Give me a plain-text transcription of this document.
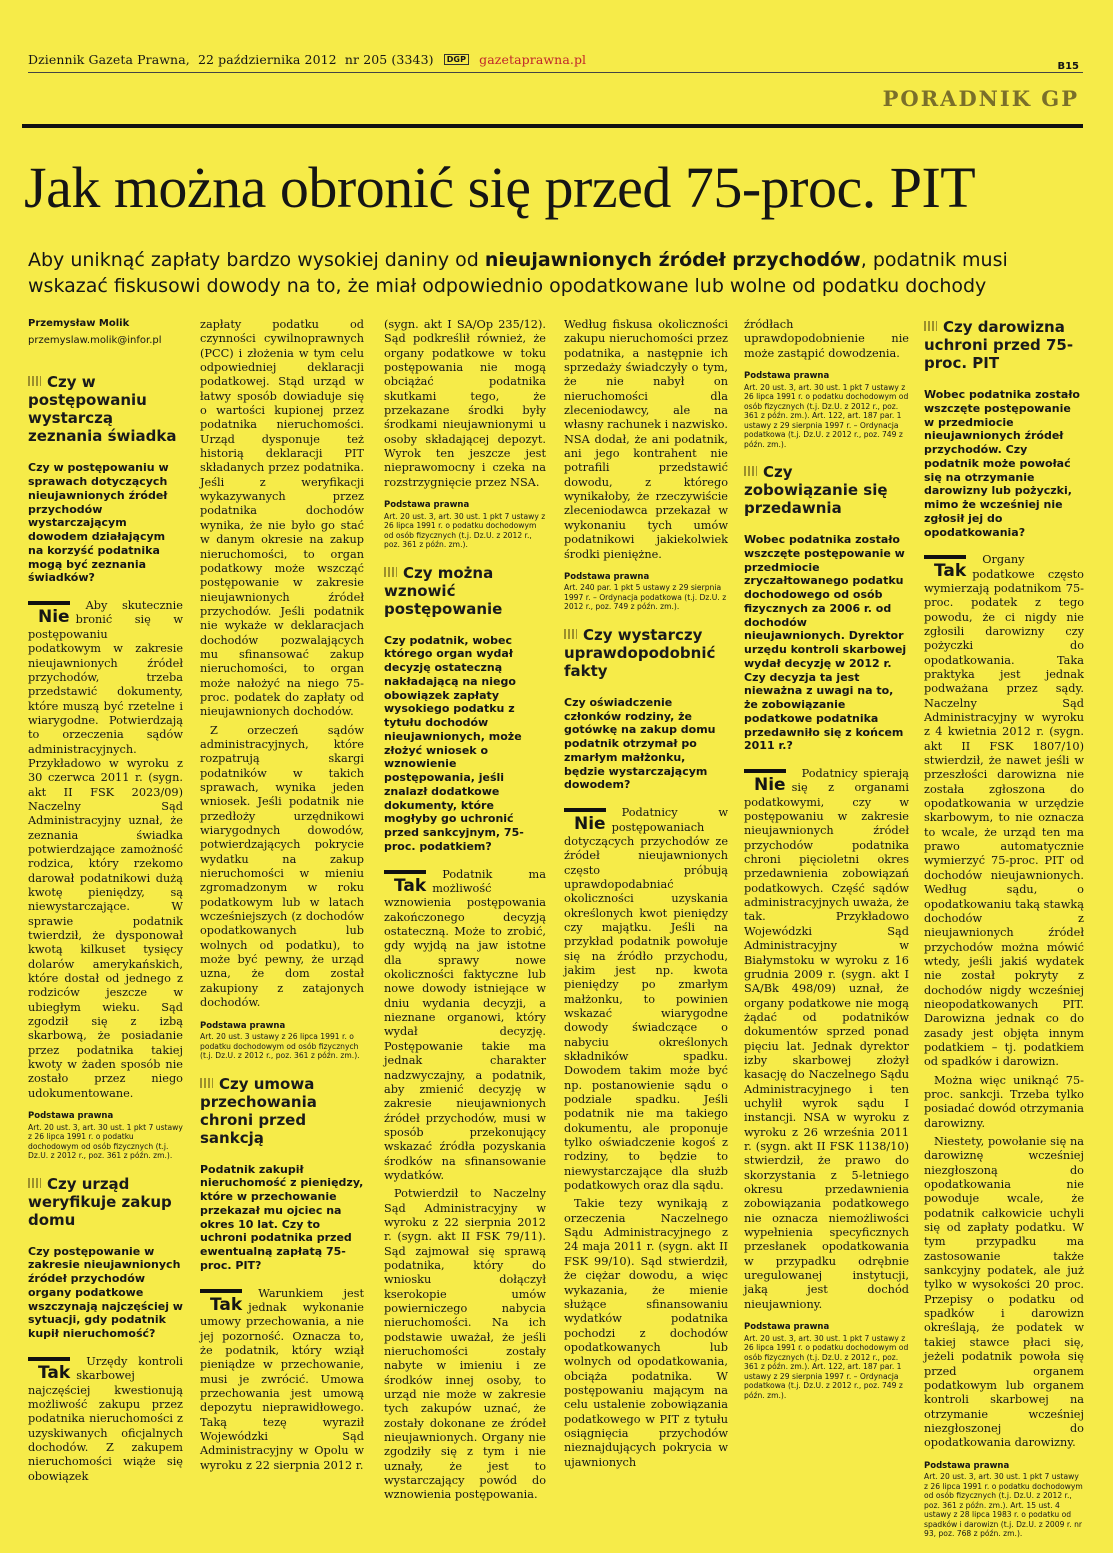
Dziennik Gazeta Prawna, 22 października 2012 nr 205 (3343) DGP gazetaprawna.pl	B15
PORADNIK GP
Jak można obronić się przed 75-proc. PIT
Aby uniknąć zapłaty bardzo wysokiej daniny od nieujawnionych źródeł przychodów, podatnik musi wskazać fiskusowi dowody na to, że miał odpowiednio opodatkowane lub wolne od podatku dochody

Przemysław Molik

przemyslaw.molik@infor.pl

Czy w postępowaniu wystarczą zeznania świadka
Czy w postępowaniu w sprawach dotyczących nieujawnionych źródeł przychodów wystarczającym dowodem działającym na korzyść podatnika mogą być zeznania świadków?

Nie
Aby skutecznie bronić się w postępowaniu podatkowym w zakresie nieujawnionych źródeł przychodów, trzeba przedstawić dokumenty, które muszą być rzetelne i wiarygodne. Potwierdzają to orzeczenia sądów administracyjnych. Przykładowo w wyroku z 30 czerwca 2011 r. (sygn. akt II FSK 2023/09) Naczelny Sąd Administracyjny uznał, że zeznania świadka potwierdzające zamożność rodzica, który rzekomo darował podatnikowi dużą kwotę pieniędzy, są niewystarczające. W sprawie podatnik twierdził, że dysponował kwotą kilkuset tysięcy dolarów amerykańskich, które dostał od jednego z rodziców jeszcze w ubiegłym wieku. Sąd zgodził się z izbą skarbową, że posiadanie przez podatnika takiej kwoty w żaden sposób nie zostało przez niego udokumentowane.

Podstawa prawna
Art. 20 ust. 3, art. 30 ust. 1 pkt 7 ustawy z 26 lipca 1991 r. o podatku dochodowym od osób fizycznych (t.j. Dz.U. z 2012 r., poz. 361 z późn. zm.).
Czy urząd weryfikuje zakup domu
Czy postępowanie w zakresie nieujawnionych źródeł przychodów organy podatkowe wszczynają najczęściej w sytuacji, gdy podatnik kupił nieruchomość?

Tak
Urzędy kontroli skarbowej najczęściej kwestionują możliwość zakupu przez podatnika nieruchomości z uzyskiwanych oficjalnych dochodów. Z zakupem nieruchomości wiąże się obowiązek

zapłaty podatku od czynności cywilnoprawnych (PCC) i złożenia w tym celu odpowiedniej deklaracji podatkowej. Stąd urząd w łatwy sposób dowiaduje się o wartości kupionej przez podatnika nieruchomości. Urząd dysponuje też historią deklaracji PIT składanych przez podatnika. Jeśli z weryfikacji wykazywanych przez podatnika dochodów wynika, że nie było go stać w danym okresie na zakup nieruchomości, to organ podatkowy może wszcząć postępowanie w zakresie nieujawnionych źródeł przychodów. Jeśli podatnik nie wykaże w deklaracjach dochodów pozwalających mu sfinansować zakup nieruchomości, to organ może nałożyć na niego 75-proc. podatek do zapłaty od nieujawnionych dochodów.

Z orzeczeń sądów administracyjnych, które rozpatrują skargi podatników w takich sprawach, wynika jeden wniosek. Jeśli podatnik nie przedłoży urzędnikowi wiarygodnych dowodów, potwierdzających pokrycie wydatku na zakup nieruchomości w mieniu zgromadzonym w roku podatkowym lub w latach wcześniejszych (z dochodów opodatkowanych lub wolnych od podatku), to może być pewny, że urząd uzna, że dom został zakupiony z zatajonych dochodów.

Podstawa prawna
Art. 20 ust. 3 ustawy z 26 lipca 1991 r. o podatku dochodowym od osób fizycznych (t.j. Dz.U. z 2012 r., poz. 361 z późn. zm.).
Czy umowa przechowania chroni przed sankcją
Podatnik zakupił nieruchomość z pieniędzy, które w przechowanie przekazał mu ojciec na okres 10 lat. Czy to uchroni podatnika przed ewentualną zapłatą 75-proc. PIT?

Tak
Warunkiem jest jednak wykonanie umowy przechowania, a nie jej pozorność. Oznacza to, że podatnik, który wziął pieniądze w przechowanie, musi je zwrócić. Umowa przechowania jest umową depozytu nieprawidłowego. Taką tezę wyraził Wojewódzki Sąd Administracyjny w Opolu w wyroku z 22 sierpnia 2012 r.

(sygn. akt I SA/Op 235/12). Sąd podkreślił również, że organy podatkowe w toku postępowania nie mogą obciążać podatnika skutkami tego, że przekazane środki były środkami nieujawnionymi u osoby składającej depozyt. Wyrok ten jeszcze jest nieprawomocny i czeka na rozstrzygnięcie przez NSA.

Podstawa prawna
Art. 20 ust. 3, art. 30 ust. 1 pkt 7 ustawy z 26 lipca 1991 r. o podatku dochodowym od osób fizycznych (t.j. Dz.U. z 2012 r., poz. 361 z późn. zm.).
Czy można wznowić postępowanie
Czy podatnik, wobec którego organ wydał decyzję ostateczną nakładającą na niego obowiązek zapłaty wysokiego podatku z tytułu dochodów nieujawnionych, może złożyć wniosek o wznowienie postępowania, jeśli znalazł dodatkowe dokumenty, które mogłyby go uchronić przed sankcyjnym, 75-proc. podatkiem?

Tak
Podatnik ma możliwość wznowienia postępowania zakończonego decyzją ostateczną. Może to zrobić, gdy wyjdą na jaw istotne dla sprawy nowe okoliczności faktyczne lub nowe dowody istniejące w dniu wydania decyzji, a nieznane organowi, który wydał decyzję. Postępowanie takie ma jednak charakter nadzwyczajny, a podatnik, aby zmienić decyzję w zakresie nieujawnionych źródeł przychodów, musi w sposób przekonujący wskazać źródła pozyskania środków na sfinansowanie wydatków.

Potwierdził to Naczelny Sąd Administracyjny w wyroku z 22 sierpnia 2012 r. (sygn. akt II FSK 79/11). Sąd zajmował się sprawą podatnika, który do wniosku dołączył kserokopie umów powierniczego nabycia nieruchomości. Na ich podstawie uważał, że jeśli nieruchomości zostały nabyte w imieniu i ze środków innej osoby, to urząd nie może w zakresie tych zakupów uznać, że zostały dokonane ze źródeł nieujawnionych. Organy nie zgodziły się z tym i nie uznały, że jest to wystarczający powód do wznowienia postępowania.

Według fiskusa okoliczności zakupu nieruchomości przez podatnika, a następnie ich sprzedaży świadczyły o tym, że nie nabył on nieruchomości dla zleceniodawcy, ale na własny rachunek i nazwisko. NSA dodał, że ani podatnik, ani jego kontrahent nie potrafili przedstawić dowodu, z którego wynikałoby, że rzeczywiście zleceniodawca przekazał w wykonaniu tych umów podatnikowi jakiekolwiek środki pieniężne.

Podstawa prawna
Art. 240 par. 1 pkt 5 ustawy z 29 sierpnia 1997 r. – Ordynacja podatkowa (t.j. Dz.U. z 2012 r., poz. 749 z późn. zm.).
Czy wystarczy uprawdopodobnić fakty
Czy oświadczenie członków rodziny, że gotówkę na zakup domu podatnik otrzymał po zmarłym małżonku, będzie wystarczającym dowodem?

Nie
Podatnicy w postępowaniach dotyczących przychodów ze źródeł nieujawnionych często próbują uprawdopodabniać okoliczności uzyskania określonych kwot pieniędzy czy majątku. Jeśli na przykład podatnik powołuje się na źródło przychodu, jakim jest np. kwota pieniędzy po zmarłym małżonku, to powinien wskazać wiarygodne dowody świadczące o nabyciu określonych składników spadku. Dowodem takim może być np. postanowienie sądu o podziale spadku. Jeśli podatnik nie ma takiego dokumentu, ale proponuje tylko oświadczenie kogoś z rodziny, to będzie to niewystarczające dla służb podatkowych oraz dla sądu.

Takie tezy wynikają z orzeczenia Naczelnego Sądu Administracyjnego z 24 maja 2011 r. (sygn. akt II FSK 99/10). Sąd stwierdził, że ciężar dowodu, a więc wykazania, że mienie służące sfinansowaniu wydatków podatnika pochodzi z dochodów opodatkowanych lub wolnych od opodatkowania, obciąża podatnika. W postępowaniu mającym na celu ustalenie zobowiązania podatkowego w PIT z tytułu osiągnięcia przychodów nieznajdujących pokrycia w ujawnionych

źródłach uprawdopodobnienie nie może zastąpić dowodzenia.

Podstawa prawna
Art. 20 ust. 3, art. 30 ust. 1 pkt 7 ustawy z 26 lipca 1991 r. o podatku dochodowym od osób fizycznych (t.j. Dz.U. z 2012 r., poz. 361 z późn. zm.). Art. 122, art. 187 par. 1 ustawy z 29 sierpnia 1997 r. – Ordynacja podatkowa (t.j. Dz.U. z 2012 r., poz. 749 z późn. zm.).
Czy zobowiązanie się przedawnia
Wobec podatnika zostało wszczęte postępowanie w przedmiocie zryczałtowanego podatku dochodowego od osób fizycznych za 2006 r. od dochodów nieujawnionych. Dyrektor urzędu kontroli skarbowej wydał decyzję w 2012 r. Czy decyzja ta jest nieważna z uwagi na to, że zobowiązanie podatkowe podatnika przedawniło się z końcem 2011 r.?

Nie
Podatnicy spierają się z organami podatkowymi, czy w postępowaniu w zakresie nieujawnionych źródeł przychodów podatnika chroni pięcioletni okres przedawnienia zobowiązań podatkowych. Część sądów administracyjnych uważa, że tak. Przykładowo Wojewódzki Sąd Administracyjny w Białymstoku w wyroku z 16 grudnia 2009 r. (sygn. akt I SA/Bk 498/09) uznał, że organy podatkowe nie mogą żądać od podatników dokumentów sprzed ponad pięciu lat. Jednak dyrektor izby skarbowej złożył kasację do Naczelnego Sądu Administracyjnego i ten uchylił wyrok sądu I instancji. NSA w wyroku z wyroku z 26 września 2011 r. (sygn. akt II FSK 1138/10) stwierdził, że prawo do skorzystania z 5-letniego okresu przedawnienia zobowiązania podatkowego nie oznacza niemożliwości wypełnienia specyficznych przesłanek opodatkowania w przypadku odrębnie uregulowanej instytucji, jaką jest dochód nieujawniony.

Podstawa prawna
Art. 20 ust. 3, art. 30 ust. 1 pkt 7 ustawy z 26 lipca 1991 r. o podatku dochodowym od osób fizycznych (t.j. Dz.U. z 2012 r., poz. 361 z późn. zm.). Art. 122, art. 187 par. 1 ustawy z 29 sierpnia 1997 r. – Ordynacja podatkowa (t.j. Dz.U. z 2012 r., poz. 749 z późn. zm.).
Czy darowizna uchroni przed 75-proc. PIT
Wobec podatnika zostało wszczęte postępowanie w przedmiocie nieujawnionych źródeł przychodów. Czy podatnik może powołać się na otrzymanie darowizny lub pożyczki, mimo że wcześniej nie zgłosił jej do opodatkowania?

Tak
Organy podatkowe często wymierzają podatnikom 75-proc. podatek z tego powodu, że ci nigdy nie zgłosili darowizny czy pożyczki do opodatkowania. Taka praktyka jest jednak podważana przez sądy. Naczelny Sąd Administracyjny w wyroku z 4 kwietnia 2012 r. (sygn. akt II FSK 1807/10) stwierdził, że nawet jeśli w przeszłości darowizna nie została zgłoszona do opodatkowania w urzędzie skarbowym, to nie oznacza to wcale, że urząd ten ma prawo automatycznie wymierzyć 75-proc. PIT od dochodów nieujawnionych. Według sądu, o opodatkowaniu taką stawką dochodów z nieujawnionych źródeł przychodów można mówić wtedy, jeśli jakiś wydatek nie został pokryty z dochodów nigdy wcześniej nieopodatkowanych PIT. Darowizna jednak co do zasady jest objęta innym podatkiem – tj. podatkiem od spadków i darowizn.

Można więc uniknąć 75-proc. sankcji. Trzeba tylko posiadać dowód otrzymania darowizny.

Niestety, powołanie się na darowiznę wcześniej niezgłoszoną do opodatkowania nie powoduje wcale, że podatnik całkowicie uchyli się od zapłaty podatku. W tym przypadku ma zastosowanie także sankcyjny podatek, ale już tylko w wysokości 20 proc. Przepisy o podatku od spadków i darowizn określają, że podatek w takiej stawce płaci się, jeżeli podatnik powoła się przed organem podatkowym lub organem kontroli skarbowej na otrzymanie wcześniej niezgłoszonej do opodatkowania darowizny.

Podstawa prawna
Art. 20 ust. 3, art. 30 ust. 1 pkt 7 ustawy z 26 lipca 1991 r. o podatku dochodowym od osób fizycznych (t.j. Dz.U. z 2012 r., poz. 361 z późn. zm.). Art. 15 ust. 4 ustawy z 28 lipca 1983 r. o podatku od spadków i darowizn (t.j. Dz.U. z 2009 r. nr 93, poz. 768 z późn. zm.).
